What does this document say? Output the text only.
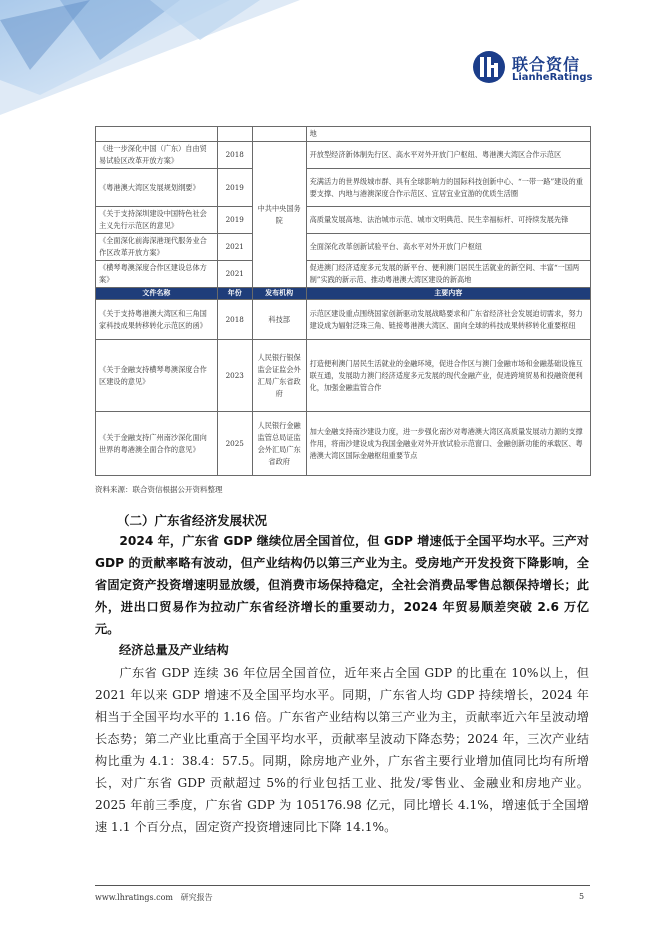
联合资信
LianheRatings
			地
《进一步深化中国（广东）自由贸易试验区改革开放方案》	2018	中共中央国务院	开放型经济新体制先行区、高水平对外开放门户枢纽、粤港澳大湾区合作示范区
《粤港澳大湾区发展规划纲要》	2019		充满活力的世界级城市群、具有全球影响力的国际科技创新中心、“一带一路”建设的重要支撑、内地与港澳深度合作示范区、宜居宜业宜游的优质生活圈
《关于支持深圳建设中国特色社会主义先行示范区的意见》	2019		高质量发展高地、法治城市示范、城市文明典范、民生幸福标杆、可持续发展先锋
《全面深化前海深港现代服务业合作区改革开放方案》	2021		全面深化改革创新试验平台、高水平对外开放门户枢纽
《横琴粤澳深度合作区建设总体方案》	2021		促进澳门经济适度多元发展的新平台、便利澳门居民生活就业的新空间、丰富“一国两制”实践的新示范、推动粤港澳大湾区建设的新高地
文件名称	年份	发布机构	主要内容
《关于支持粤港澳大湾区和三角国家科技成果转移转化示范区的函》	2018	科技部	示范区建设重点围绕国家创新驱动发展战略要求和广东省经济社会发展迫切需求，努力建设成为辐射泛珠三角、链接粤港澳大湾区、面向全球的科技成果转移转化重要枢纽
《关于金融支持横琴粤澳深度合作区建设的意见》	2023	人民银行银保监会证监会外汇局广东省政府	打造便利澳门居民生活就业的金融环境，促进合作区与澳门金融市场和金融基础设施互联互通，发展助力澳门经济适度多元发展的现代金融产业，促进跨境贸易和投融资便利化，加强金融监管合作
《关于金融支持广州南沙深化面向世界的粤港澳全面合作的意见》	2025	人民银行金融监管总局证监会外汇局广东省政府	加大金融支持南沙建设力度，进一步强化南沙对粤港澳大湾区高质量发展动力源的支撑作用，将南沙建设成为我国金融业对外开放试验示范窗口、金融创新功能的承载区、粤港澳大湾区国际金融枢纽重要节点
资料来源：联合资信根据公开资料整理
（二）广东省经济发展状况
2024 年，广东省 GDP 继续位居全国首位，但 GDP 增速低于全国平均水平。三产对 GDP 的贡献率略有波动，但产业结构仍以第三产业为主。受房地产开发投资下降影响，全省固定资产投资增速明显放缓，但消费市场保持稳定，全社会消费品零售总额保持增长；此外，进出口贸易作为拉动广东省经济增长的重要动力，2024 年贸易顺差突破 2.6 万亿元。
经济总量及产业结构
广东省 GDP 连续 36 年位居全国首位，近年来占全国 GDP 的比重在 10%以上，但 2021 年以来 GDP 增速不及全国平均水平。同期，广东省人均 GDP 持续增长，2024 年相当于全国平均水平的 1.16 倍。广东省产业结构以第三产业为主，贡献率近六年呈波动增长态势；第二产业比重高于全国平均水平，贡献率呈波动下降态势；2024 年，三次产业结构比重为 4.1：38.4：57.5。同期，除房地产业外，广东省主要行业增加值同比均有所增长，对广东省 GDP 贡献超过 5%的行业包括工业、批发/零售业、金融业和房地产业。2025 年前三季度，广东省 GDP 为 105176.98 亿元，同比增长 4.1%，增速低于全国增速 1.1 个百分点，固定资产投资增速同比下降 14.1%。
www.lhratings.com 研究报告	5
